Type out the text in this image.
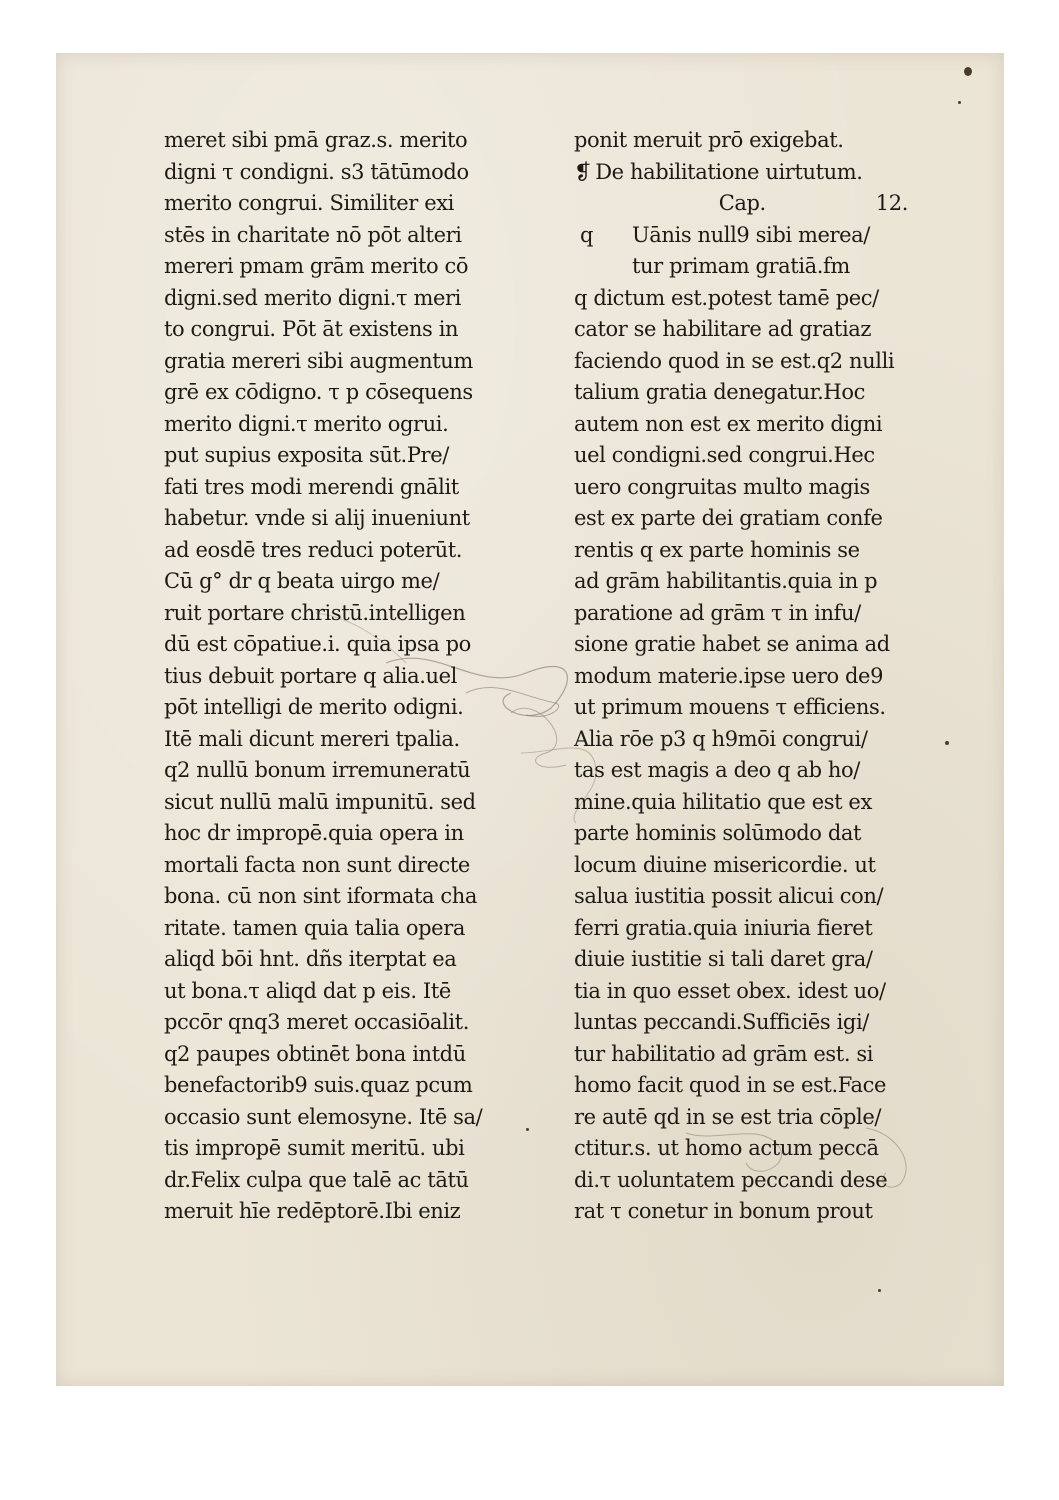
meret sibi pmā graz.s. merito
digni τ condigni. s3 tātūmodo
merito congrui. Similiter exi
stēs in charitate nō pōt alteri
mereri pmam grām merito cō
digni.sed merito digni.τ meri
to congrui. Pōt āt existens in
gratia mereri sibi augmentum
grē ex cōdigno. τ p cōsequens
merito digni.τ merito ogrui.
put supius exposita sūt.Pre/
fati tres modi merendi gnālit
habetur. vnde si alij inueniunt
ad eosdē tres reduci poterūt.
Cū g° dr q beata uirgo me/
ruit portare christū.intelligen
dū est cōpatiue.i. quia ipsa po
tius debuit portare q alia.uel
pōt intelligi de merito odigni.
Itē mali dicunt mereri tpalia.
q2 nullū bonum irremuneratū
sicut nullū malū impunitū. sed
hoc dr impropē.quia opera in
mortali facta non sunt directe
bona. cū non sint iformata cha
ritate. tamen quia talia opera
aliqd bōi hnt. dñs iterptat ea
ut bona.τ aliqd dat p eis. Itē
pccōr qnq3 meret occasiōalit.
q2 paupes obtinēt bona intdū
benefactorib9 suis.quaz pcum
occasio sunt elemosyne. Itē sa/
tis impropē sumit meritū. ubi
dr.Felix culpa que talē ac tātū
meruit hīe redēptorē.Ibi eniz
ponit meruit prō exigebat.
❡ De habilitatione uirtutum.
Cap.	12.
q	Uānis null9 sibi merea/
tur primam gratiā.fm
q dictum est.potest tamē pec/
cator se habilitare ad gratiaz
faciendo quod in se est.q2 nulli
talium gratia denegatur.Hoc
autem non est ex merito digni
uel condigni.sed congrui.Hec
uero congruitas multo magis
est ex parte dei gratiam confe
rentis q ex parte hominis se
ad grām habilitantis.quia in p
paratione ad grām τ in infu/
sione gratie habet se anima ad
modum materie.ipse uero de9
ut primum mouens τ efficiens.
Alia rōe p3 q h9mōi congrui/
tas est magis a deo q ab ho/
mine.quia hilitatio que est ex
parte hominis solūmodo dat
locum diuine misericordie. ut
salua iustitia possit alicui con/
ferri gratia.quia iniuria fieret
diuie iustitie si tali daret gra/
tia in quo esset obex. idest uo/
luntas peccandi.Sufficiēs igi/
tur habilitatio ad grām est. si
homo facit quod in se est.Face
re autē qd in se est tria cōple/
ctitur.s. ut homo actum peccā
di.τ uoluntatem peccandi dese
rat τ conetur in bonum prout
